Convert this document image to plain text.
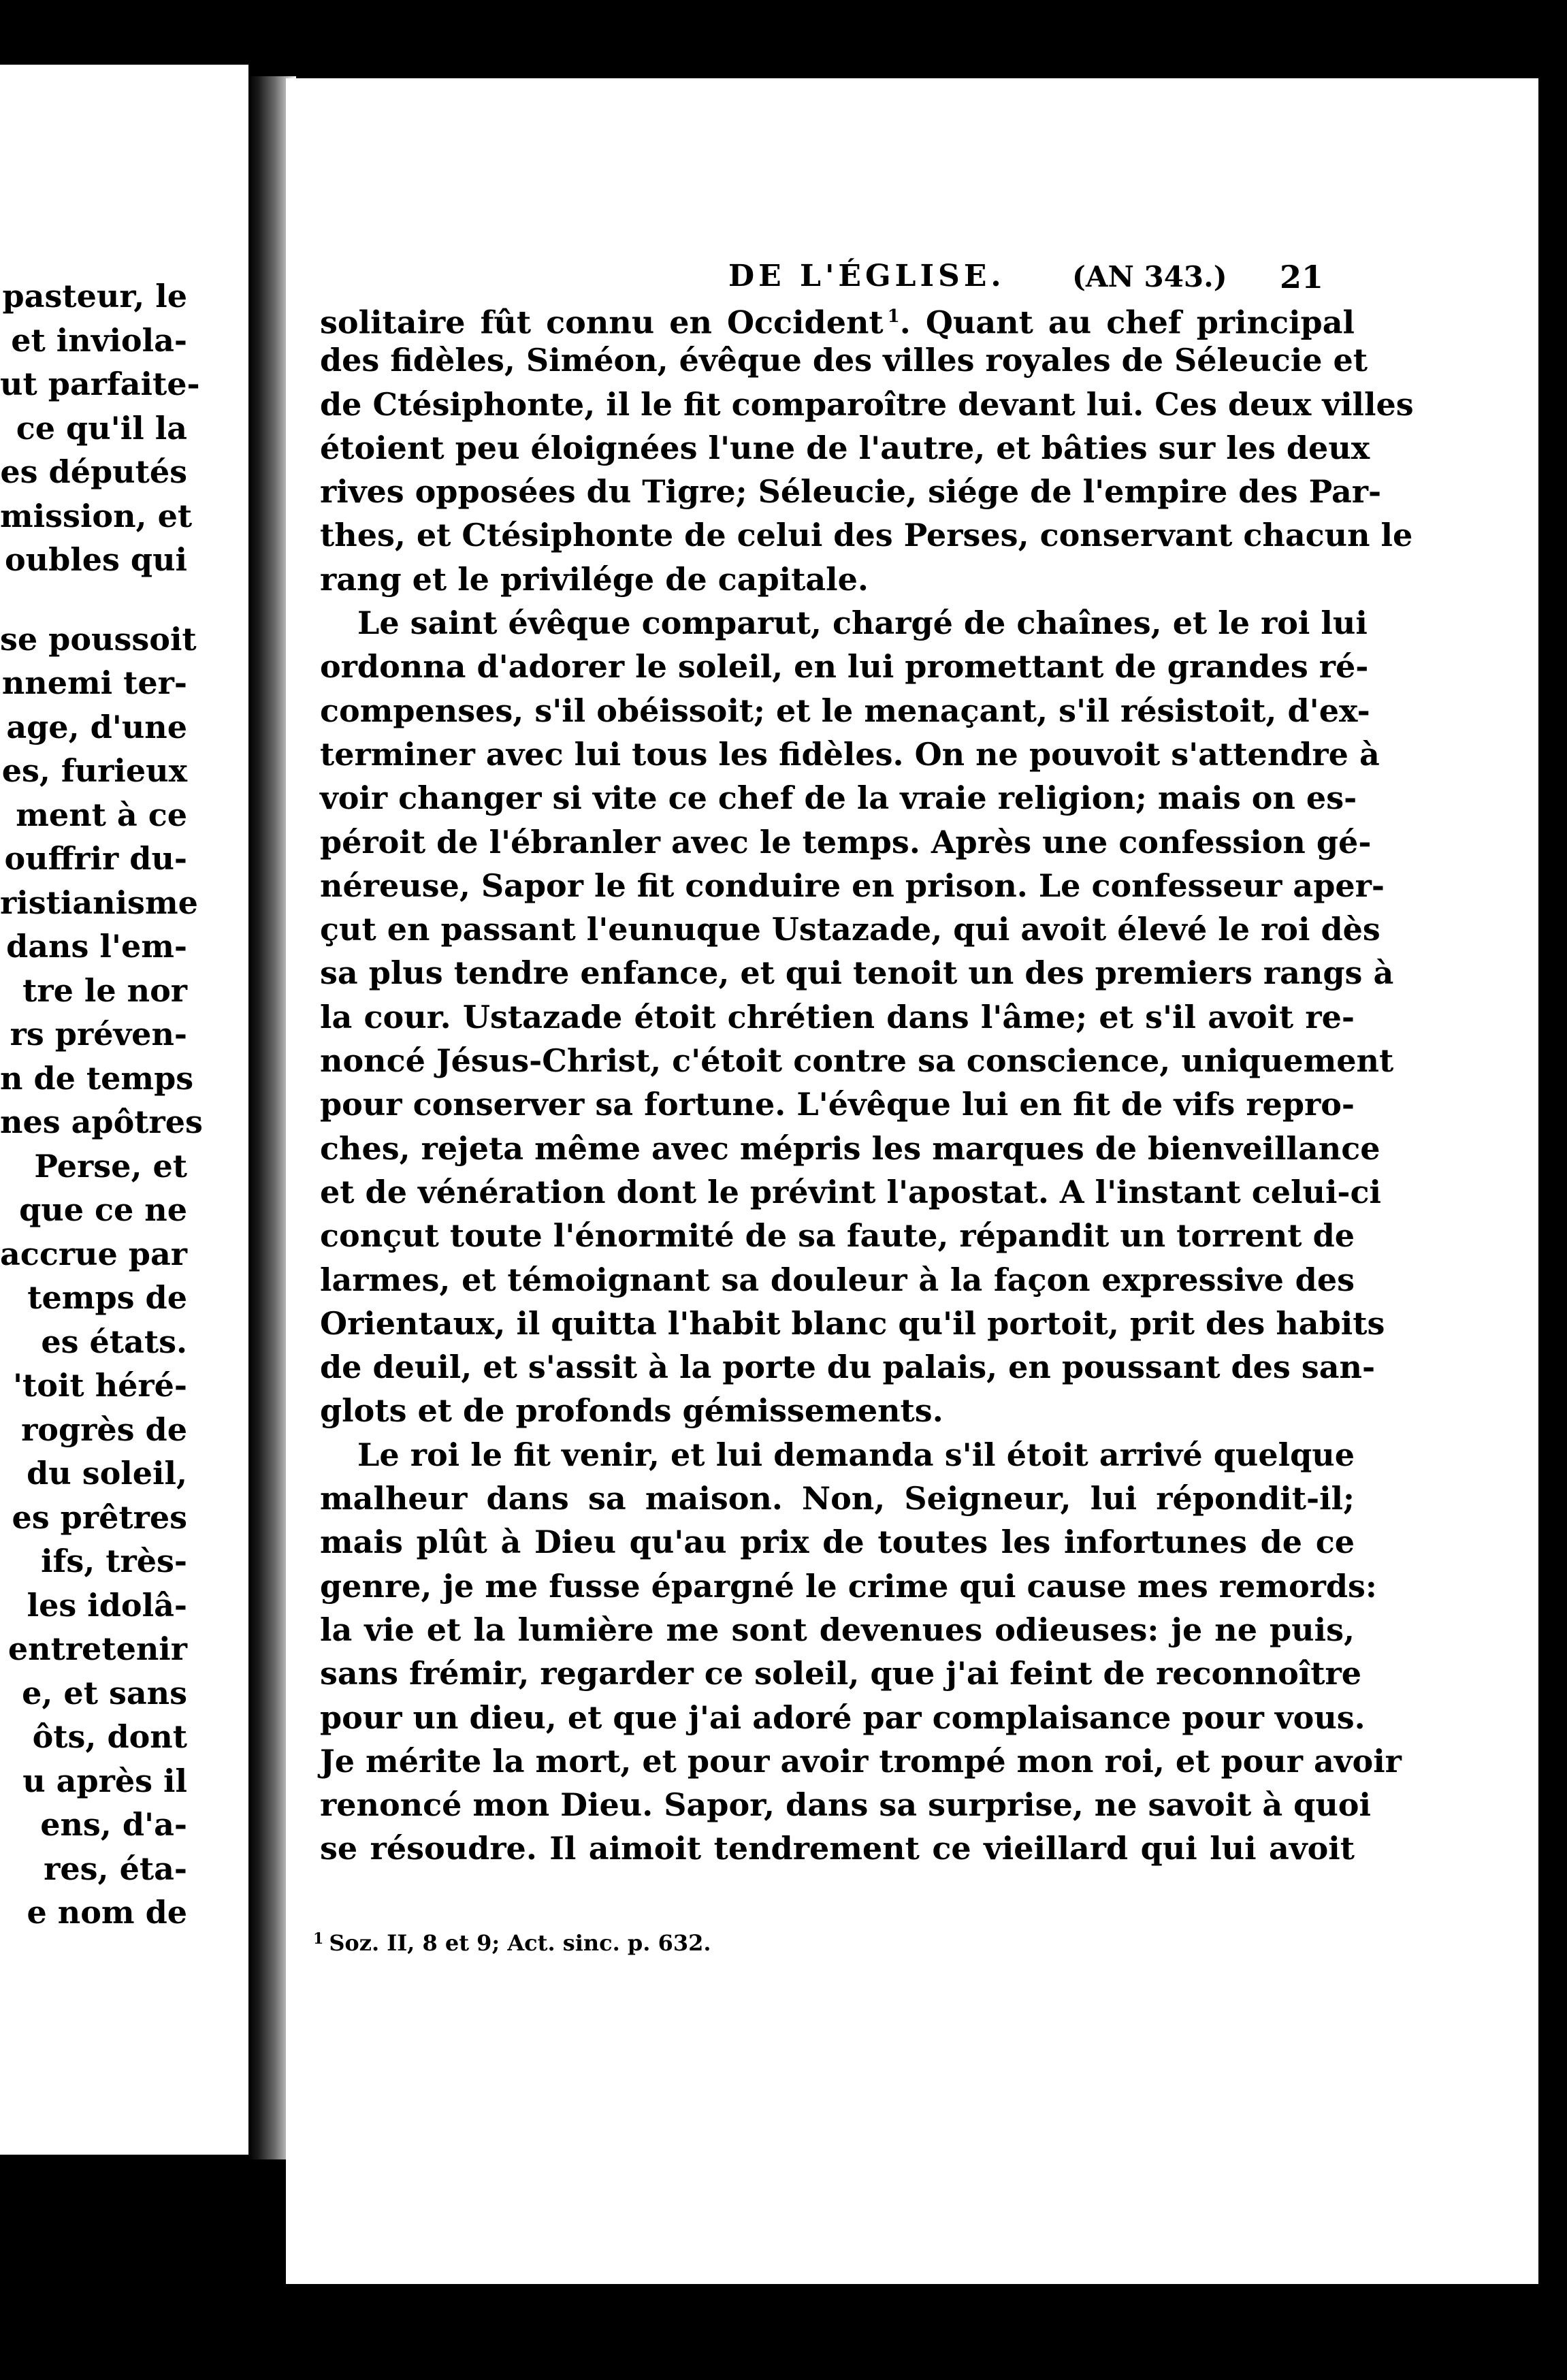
pasteur, le
et inviola-
ut parfaite-
ce qu'il la
es députés
mission, et
oubles qui
se poussoit
nnemi ter-
age, d'une
es, furieux
ment à ce
ouffrir du-
ristianisme
dans l'em-
tre le nor
rs préven-
n de temps
nes apôtres
Perse, et
que ce ne
accrue par
temps de
es états.
'toit héré-
rogrès de
du soleil,
es prêtres
ifs, très-
les idolâ-
entretenir
e, et sans
ôts, dont
u après il
ens, d'a-
res, éta-
e nom de
DE L'ÉGLISE. (AN 343.) 21
solitaire fût connu en Occident $^1$. Quant au chef principal
des fidèles, Siméon, évêque des villes royales de Séleucie et
de Ctésiphonte, il le fit comparoître devant lui. Ces deux villes
étoient peu éloignées l'une de l'autre, et bâties sur les deux
rives opposées du Tigre; Séleucie, siége de l'empire des Par-
thes, et Ctésiphonte de celui des Perses, conservant chacun le
rang et le privilége de capitale.
Le saint évêque comparut, chargé de chaînes, et le roi lui
ordonna d'adorer le soleil, en lui promettant de grandes ré-
compenses, s'il obéissoit; et le menaçant, s'il résistoit, d'ex-
terminer avec lui tous les fidèles. On ne pouvoit s'attendre à
voir changer si vite ce chef de la vraie religion; mais on es-
péroit de l'ébranler avec le temps. Après une confession gé-
néreuse, Sapor le fit conduire en prison. Le confesseur aper-
çut en passant l'eunuque Ustazade, qui avoit élevé le roi dès
sa plus tendre enfance, et qui tenoit un des premiers rangs à
la cour. Ustazade étoit chrétien dans l'âme; et s'il avoit re-
noncé Jésus-Christ, c'étoit contre sa conscience, uniquement
pour conserver sa fortune. L'évêque lui en fit de vifs repro-
ches, rejeta même avec mépris les marques de bienveillance
et de vénération dont le prévint l'apostat. A l'instant celui-ci
conçut toute l'énormité de sa faute, répandit un torrent de
larmes, et témoignant sa douleur à la façon expressive des
Orientaux, il quitta l'habit blanc qu'il portoit, prit des habits
de deuil, et s'assit à la porte du palais, en poussant des san-
glots et de profonds gémissements.
Le roi le fit venir, et lui demanda s'il étoit arrivé quelque
malheur dans sa maison. Non, Seigneur, lui répondit-il;
mais plût à Dieu qu'au prix de toutes les infortunes de ce
genre, je me fusse épargné le crime qui cause mes remords:
la vie et la lumière me sont devenues odieuses: je ne puis,
sans frémir, regarder ce soleil, que j'ai feint de reconnoître
pour un dieu, et que j'ai adoré par complaisance pour vous.
Je mérite la mort, et pour avoir trompé mon roi, et pour avoir
renoncé mon Dieu. Sapor, dans sa surprise, ne savoit à quoi
se résoudre. Il aimoit tendrement ce vieillard qui lui avoit
$^1$ Soz. II, 8 et 9; Act. sinc. p. 632.
